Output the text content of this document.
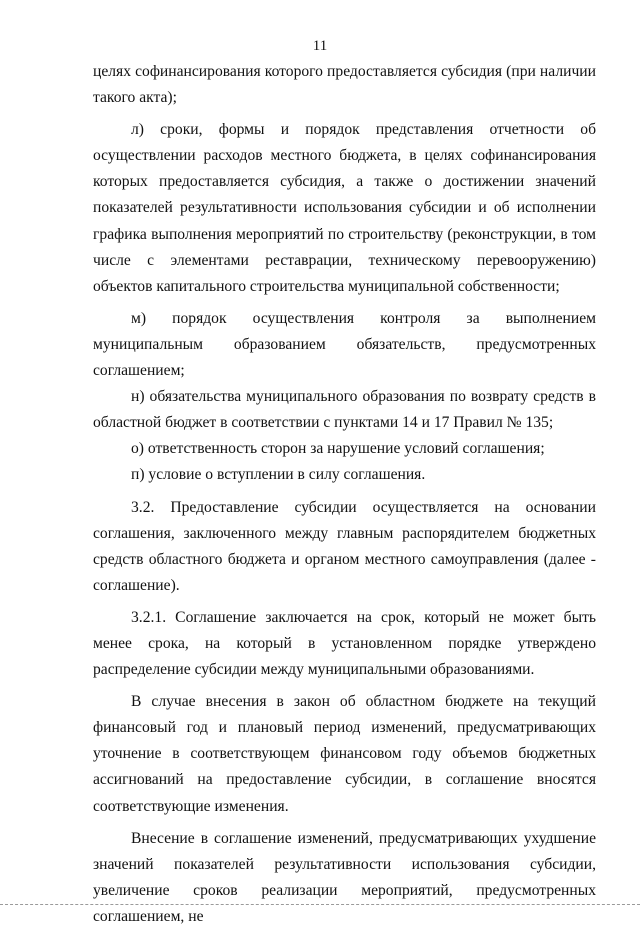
11

целях софинансирования которого предоставляется субсидия (при наличии такого акта);

л) сроки, формы и порядок представления отчетности об осуществлении расходов местного бюджета, в целях софинансирования которых предоставляется субсидия, а также о достижении значений показателей результативности использования субсидии и об исполнении графика выполнения мероприятий по строительству (реконструкции, в том числе с элементами реставрации, техническому перевооружению) объектов капитального строительства муниципальной собственности;

м) порядок осуществления контроля за выполнением муниципальным образованием обязательств, предусмотренных соглашением;

н) обязательства муниципального образования по возврату средств в областной бюджет в соответствии с пунктами 14 и 17 Правил № 135;

о) ответственность сторон за нарушение условий соглашения;

п) условие о вступлении в силу соглашения.

3.2. Предоставление субсидии осуществляется на основании соглашения, заключенного между главным распорядителем бюджетных средств областного бюджета и органом местного самоуправления (далее - соглашение).

3.2.1. Соглашение заключается на срок, который не может быть менее срока, на который в установленном порядке утверждено распределение субсидии между муниципальными образованиями.

В случае внесения в закон об областном бюджете на текущий финансовый год и плановый период изменений, предусматривающих уточнение в соответствующем финансовом году объемов бюджетных ассигнований на предоставление субсидии, в соглашение вносятся соответствующие изменения.

Внесение в соглашение изменений, предусматривающих ухудшение значений показателей результативности использования субсидии, увеличение сроков реализации мероприятий, предусмотренных соглашением, не
